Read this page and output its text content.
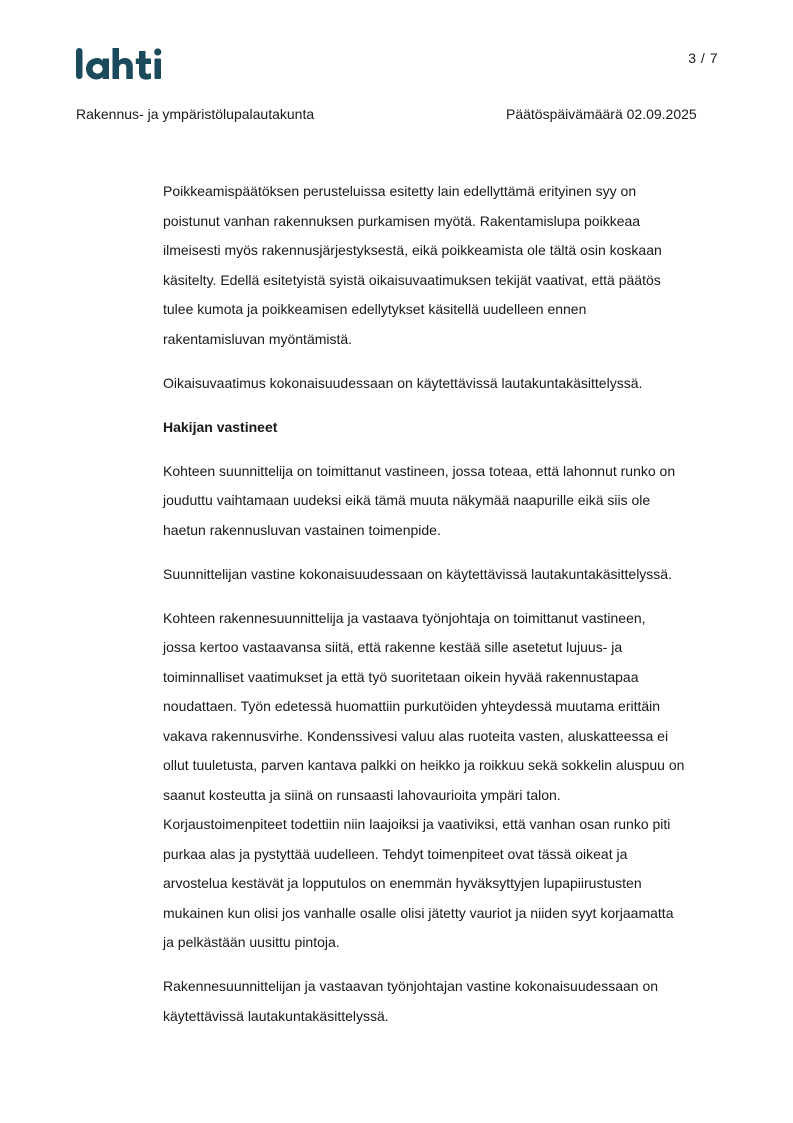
3 / 7
Rakennus- ja ympäristölupalautakunta	Päätöspäivämäärä 02.09.2025

Poikkeamispäätöksen perusteluissa esitetty lain edellyttämä erityinen syy on
poistunut vanhan rakennuksen purkamisen myötä. Rakentamislupa poikkeaa
ilmeisesti myös rakennusjärjestyksestä, eikä poikkeamista ole tältä osin koskaan
käsitelty. Edellä esitetyistä syistä oikaisuvaatimuksen tekijät vaativat, että päätös
tulee kumota ja poikkeamisen edellytykset käsitellä uudelleen ennen
rakentamisluvan myöntämistä.

Oikaisuvaatimus kokonaisuudessaan on käytettävissä lautakuntakäsittelyssä.

Hakijan vastineet

Kohteen suunnittelija on toimittanut vastineen, jossa toteaa, että lahonnut runko on
jouduttu vaihtamaan uudeksi eikä tämä muuta näkymää naapurille eikä siis ole
haetun rakennusluvan vastainen toimenpide.

Suunnittelijan vastine kokonaisuudessaan on käytettävissä lautakuntakäsittelyssä.

Kohteen rakennesuunnittelija ja vastaava työnjohtaja on toimittanut vastineen,
jossa kertoo vastaavansa siitä, että rakenne kestää sille asetetut lujuus- ja
toiminnalliset vaatimukset ja että työ suoritetaan oikein hyvää rakennustapaa
noudattaen. Työn edetessä huomattiin purkutöiden yhteydessä muutama erittäin
vakava rakennusvirhe. Kondenssivesi valuu alas ruoteita vasten, aluskatteessa ei
ollut tuuletusta, parven kantava palkki on heikko ja roikkuu sekä sokkelin aluspuu on
saanut kosteutta ja siinä on runsaasti lahovaurioita ympäri talon.
Korjaustoimenpiteet todettiin niin laajoiksi ja vaativiksi, että vanhan osan runko piti
purkaa alas ja pystyttää uudelleen. Tehdyt toimenpiteet ovat tässä oikeat ja
arvostelua kestävät ja lopputulos on enemmän hyväksyttyjen lupapiirustusten
mukainen kun olisi jos vanhalle osalle olisi jätetty vauriot ja niiden syyt korjaamatta
ja pelkästään uusittu pintoja.

Rakennesuunnittelijan ja vastaavan työnjohtajan vastine kokonaisuudessaan on
käytettävissä lautakuntakäsittelyssä.
